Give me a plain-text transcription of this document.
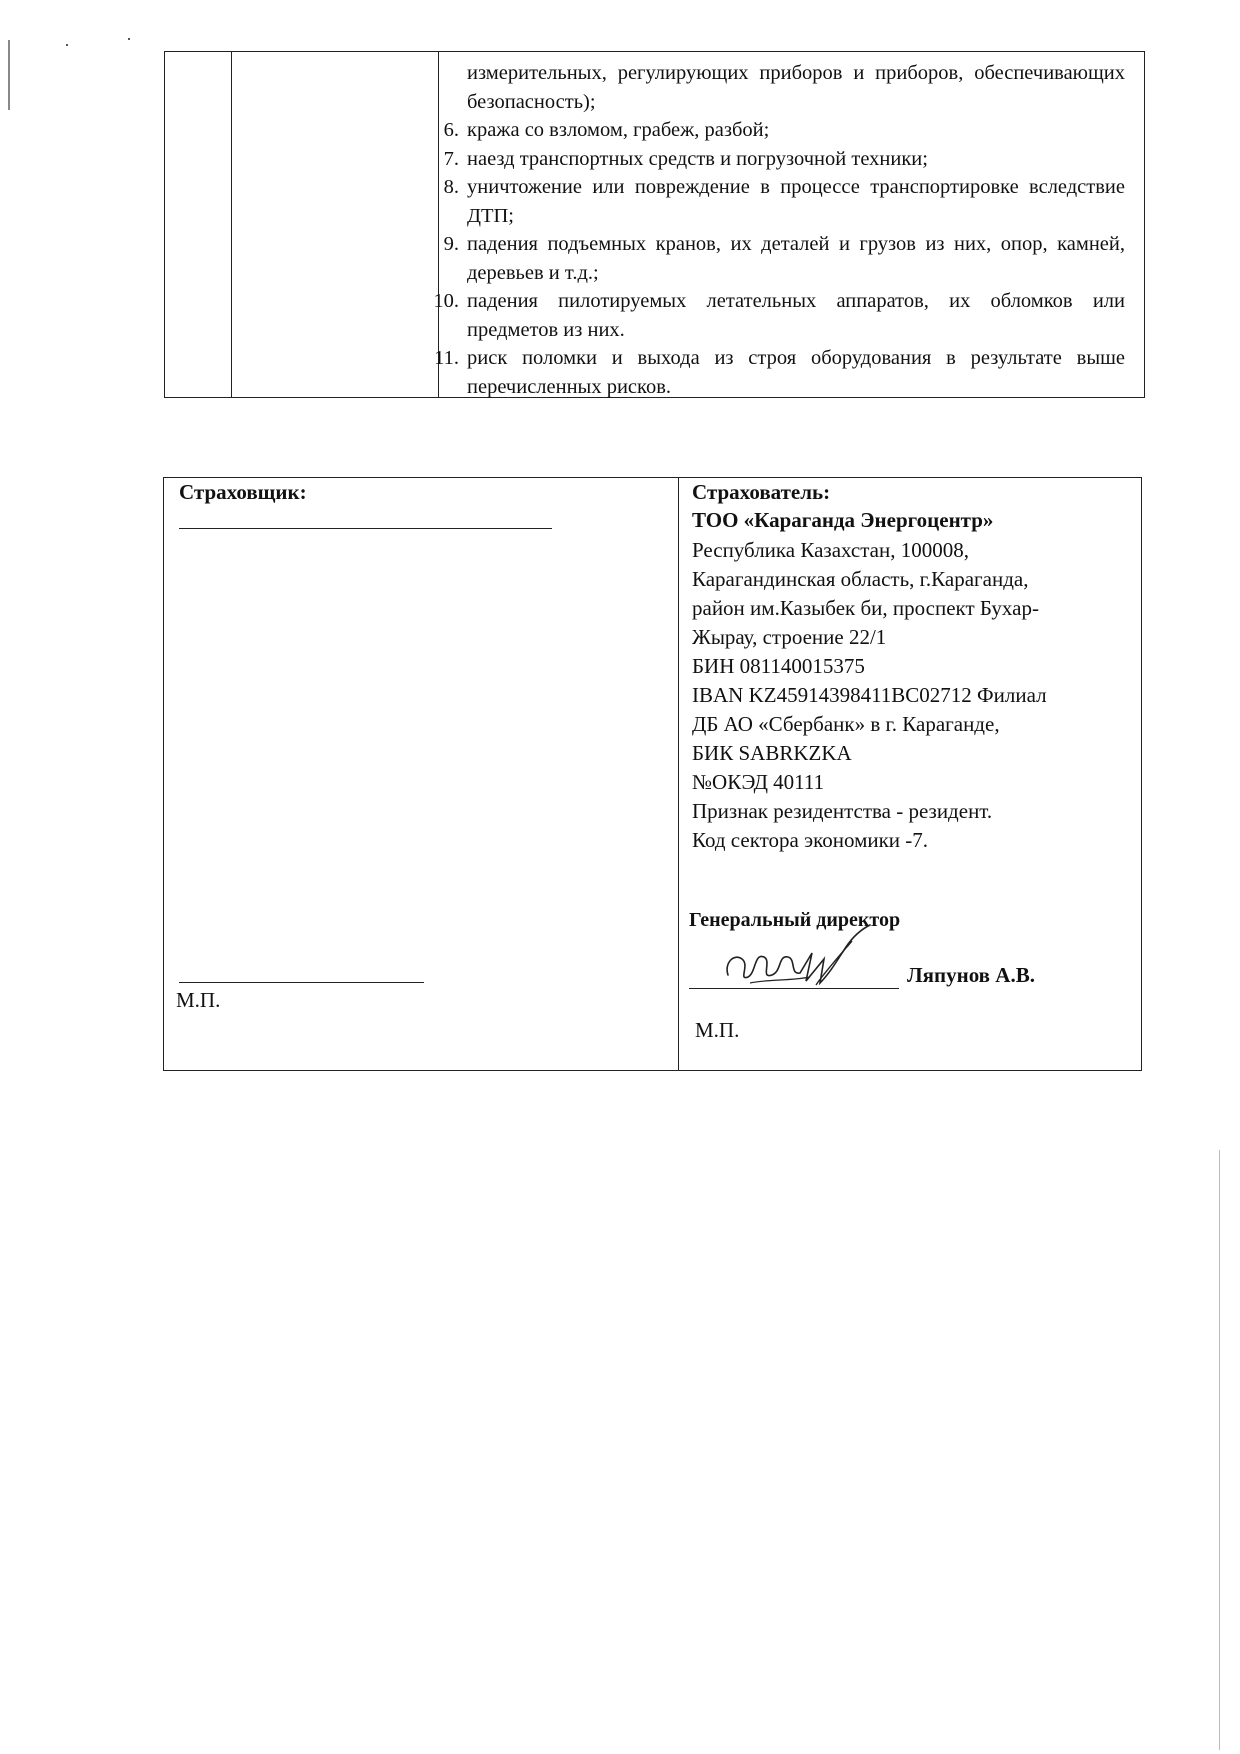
измерительных, регулирующих приборов и приборов, обеспечивающих безопасность);
6. кража со взломом, грабеж, разбой;
7. наезд транспортных средств и погрузочной техники;
8. уничтожение или повреждение в процессе транспортировке вследствие ДТП;
9. падения подъемных кранов, их деталей и грузов из них, опор, камней, деревьев и т.д.;
10. падения пилотируемых летательных аппаратов, их обломков или предметов из них.
11. риск поломки и выхода из строя оборудования в результате выше перечисленных рисков.
Страховщик:
М.П.
Страхователь:
ТОО «Караганда Энергоцентр»
Республика Казахстан, 100008,
Карагандинская область, г.Караганда,
район им.Казыбек би, проспект Бухар-
Жырау, строение 22/1
БИН 081140015375
IBAN KZ45914398411BC02712 Филиал
ДБ АО «Сбербанк» в г. Караганде,
БИК SABRKZKA
№ОКЭД 40111
Признак резидентства - резидент.
Код сектора экономики -7.
Генеральный директор
Ляпунов А.В.
М.П.
